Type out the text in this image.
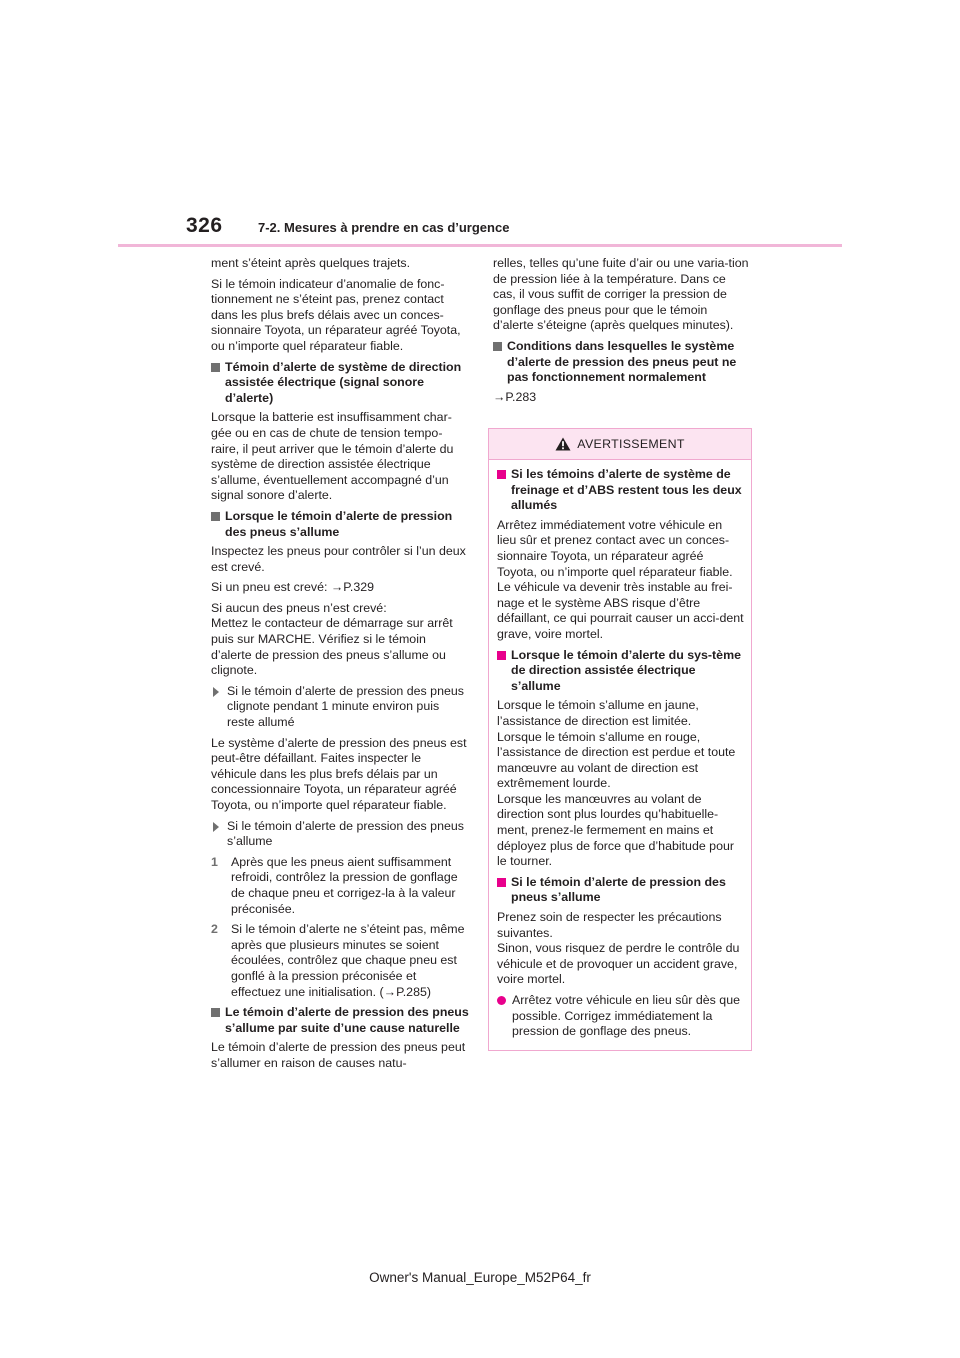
326	7-2. Mesures à prendre en cas d’urgence

ment s’éteint après quelques trajets.

Si le témoin indicateur d’anomalie de fonc-tionnement ne s’éteint pas, prenez contact dans les plus brefs délais avec un conces-sionnaire Toyota, un réparateur agréé Toyota, ou n’importe quel réparateur fiable.

Témoin d’alerte de système de direction assistée électrique (signal sonore d’alerte)

Lorsque la batterie est insuffisamment char-gée ou en cas de chute de tension tempo-raire, il peut arriver que le témoin d’alerte du système de direction assistée électrique s’allume, éventuellement accompagné d’un signal sonore d’alerte.

Lorsque le témoin d’alerte de pression des pneus s’allume

Inspectez les pneus pour contrôler si l’un deux est crevé.

Si un pneu est crevé: →P.329

Si aucun des pneus n’est crevé:

Mettez le contacteur de démarrage sur arrêt puis sur MARCHE. Vérifiez si le témoin d’alerte de pression des pneus s’allume ou clignote.

Si le témoin d’alerte de pression des pneus clignote pendant 1 minute environ puis reste allumé

Le système d’alerte de pression des pneus est peut-être défaillant. Faites inspecter le véhicule dans les plus brefs délais par un concessionnaire Toyota, un réparateur agréé Toyota, ou n’importe quel réparateur fiable.

Si le témoin d’alerte de pression des pneus s’allume
1	Après que les pneus aient suffisamment refroidi, contrôlez la pression de gonflage de chaque pneu et corrigez-la à la valeur préconisée.
2	Si le témoin d’alerte ne s’éteint pas, même après que plusieurs minutes se soient écoulées, contrôlez que chaque pneu est gonflé à la pression préconisée et effectuez une initialisation. (→P.285)
Le témoin d’alerte de pression des pneus s’allume par suite d’une cause naturelle

Le témoin d’alerte de pression des pneus peut s’allumer en raison de causes natu-

relles, telles qu’une fuite d’air ou une varia-tion de pression liée à la température. Dans ce cas, il vous suffit de corriger la pression de gonflage des pneus pour que le témoin d’alerte s’éteigne (après quelques minutes).

Conditions dans lesquelles le système d’alerte de pression des pneus peut ne pas fonctionnement normalement

→P.283

AVERTISSEMENT
Si les témoins d’alerte de système de freinage et d’ABS restent tous les deux allumés

Arrêtez immédiatement votre véhicule en lieu sûr et prenez contact avec un conces-sionnaire Toyota, un réparateur agréé Toyota, ou n’importe quel réparateur fiable.

Le véhicule va devenir très instable au frei-nage et le système ABS risque d’être défaillant, ce qui pourrait causer un acci-dent grave, voire mortel.

Lorsque le témoin d’alerte du sys-tème de direction assistée électrique s’allume

Lorsque le témoin s’allume en jaune, l’assistance de direction est limitée.

Lorsque le témoin s’allume en rouge, l’assistance de direction est perdue et toute manœuvre au volant de direction est extrêmement lourde.

Lorsque les manœuvres au volant de direction sont plus lourdes qu’habituelle-ment, prenez-le fermement en mains et déployez plus de force que d’habitude pour le tourner.

Si le témoin d’alerte de pression des pneus s’allume

Prenez soin de respecter les précautions suivantes.

Sinon, vous risquez de perdre le contrôle du véhicule et de provoquer un accident grave, voire mortel.

Arrêtez votre véhicule en lieu sûr dès que possible. Corrigez immédiatement la pression de gonflage des pneus.
Owner's Manual_Europe_M52P64_fr
